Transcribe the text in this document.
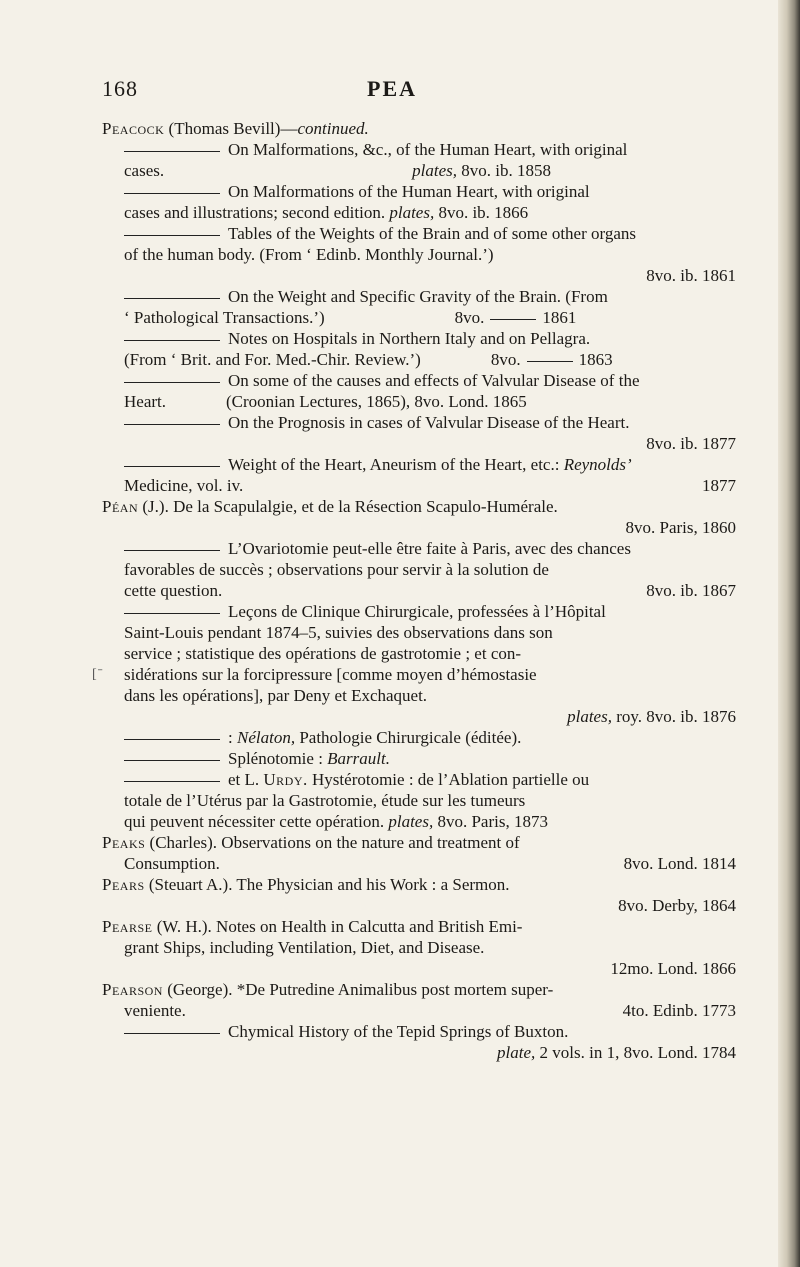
168	PEA
Peacock (Thomas Bevill)—continued.
On Malformations, &c., of the Human Heart, with original
cases.	plates, 8vo. ib. 1858
On Malformations of the Human Heart, with original
cases and illustrations; second edition. plates, 8vo. ib. 1866
Tables of the Weights of the Brain and of some other organs
of the human body. (From ‘ Edinb. Monthly Journal.’)
8vo. ib. 1861
On the Weight and Specific Gravity of the Brain. (From
‘ Pathological Transactions.’)	8vo.	1861
Notes on Hospitals in Northern Italy and on Pellagra.
(From ‘ Brit. and For. Med.-Chir. Review.’)	8vo.	1863
On some of the causes and effects of Valvular Disease of the
Heart.	(Croonian Lectures, 1865), 8vo. Lond. 1865
On the Prognosis in cases of Valvular Disease of the Heart.
8vo. ib. 1877
Weight of the Heart, Aneurism of the Heart, etc.: Reynolds’
Medicine, vol. iv.	1877
Péan (J.). De la Scapulalgie, et de la Résection Scapulo-Humérale.
8vo. Paris, 1860
L’Ovariotomie peut-elle être faite à Paris, avec des chances
favorables de succès ; observations pour servir à la solution de
cette question.	8vo. ib. 1867
Leçons de Clinique Chirurgicale, professées à l’Hôpital
Saint-Louis pendant 1874–5, suivies des observations dans son
service ; statistique des opérations de gastrotomie ; et con-
[ ̄ sidérations sur la forcipressure [comme moyen d’hémostasie
dans les opérations], par Deny et Exchaquet.
plates, roy. 8vo. ib. 1876
: Nélaton, Pathologie Chirurgicale (éditée).
Splénotomie : Barrault.
et L. Urdy. Hystérotomie : de l’Ablation partielle ou
totale de l’Utérus par la Gastrotomie, étude sur les tumeurs
qui peuvent nécessiter cette opération. plates, 8vo. Paris, 1873
Peaks (Charles). Observations on the nature and treatment of
Consumption.	8vo. Lond. 1814
Pears (Steuart A.). The Physician and his Work : a Sermon.
8vo. Derby, 1864
Pearse (W. H.). Notes on Health in Calcutta and British Emi-
grant Ships, including Ventilation, Diet, and Disease.
12mo. Lond. 1866
Pearson (George). *De Putredine Animalibus post mortem super-
veniente.	4to. Edinb. 1773
Chymical History of the Tepid Springs of Buxton.
plate, 2 vols. in 1, 8vo. Lond. 1784
